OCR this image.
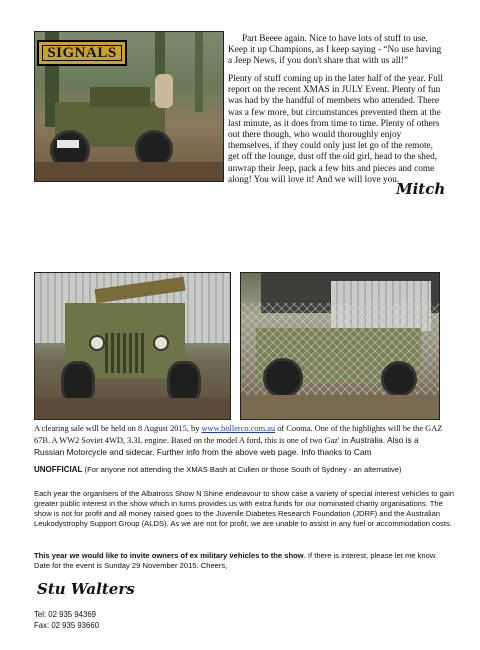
SIGNALS
Part Beeee again. Nice to have lots of stuff to use. Keep it up Champions, as I keep saying - “No use having a Jeep News, if you don't share that with us all!”
Plenty of stuff coming up in the later half of the year. Full report on the recent XMAS in JULY Event. Plenty of fun was had by the handful of members who attended. There was a few more, but circumstances prevented them at the last minute, as it does from time to time. Plenty of others out there though, who would thoroughly enjoy themselves, if they could only just let go of the remote, get off the lounge, dust off the old girl, head to the shed, unwrap their Jeep, pack a few bits and pieces and come along! You will love it! And we will love you.
Mitch
A clearing sale will be held on 8 August 2015, by www.bollerco.com.au of Cooma. One of the highlights will be the GAZ 67B. A WW2 Soviet 4WD, 3.3L engine. Based on the model A ford, this is one of two Gaz' in Australia. Also is a Russian Motorcycle and sidecar. Further info from the above web page. Info thanks to Cam
UNOFFICIAL (For anyone not attending the XMAS Bash at Cullen or those South of Sydney - an alternative)
Each year the organisers of the Albatross Show N Shine endeavour to show case a variety of special interest vehicles to gain greater public interest in the show which in turns provides us with extra funds for our nominated charity organisations. The show is not for profit and all money raised goes to the Juvenile Diabetes Research Foundation (JDRF) and the Australian Leukodystrophy Support Group (ALDS). As we are not for profit, we are unable to assist in any fuel or accommodation costs.
This year we would like to invite owners of ex military vehicles to the show. If there is interest, please let me know. Date for the event is Sunday 29 November 2015. Cheers,
Stu Walters
Tel: 02 935 94369
Fax: 02 935 93660
